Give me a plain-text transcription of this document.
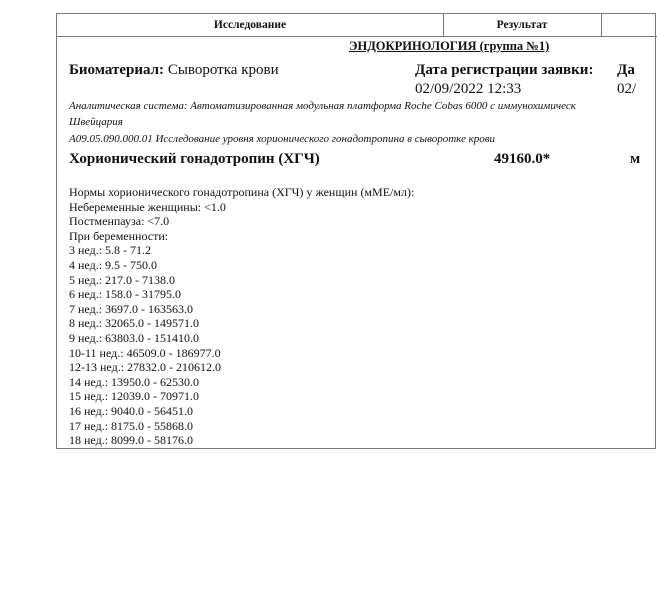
Исследование	Результат
ЭНДОКРИНОЛОГИЯ (группа №1)
Биоматериал: Сыворотка крови	Дата регистрации заявки: Да
02/09/2022 12:33	02/
Аналитическая система: Автоматизированная модульная платформа Roche Cobas 6000 с иммунохимическ
Швейцария
A09.05.090.000.01 Исследование уровня хорионического гонадотропина в сыворотке крови
Хорионический гонадотропин (ХГЧ)	49160.0*	м
Нормы хорионического гонадотропина (ХГЧ) у женщин (мМЕ/мл):
Небеременные женщины: <1.0
Постменпауза: <7.0
При беременности:
3 нед.: 5.8 - 71.2
4 нед.: 9.5 - 750.0
5 нед.: 217.0 - 7138.0
6 нед.: 158.0 - 31795.0
7 нед.: 3697.0 - 163563.0
8 нед.: 32065.0 - 149571.0
9 нед.: 63803.0 - 151410.0
10-11 нед.: 46509.0 - 186977.0
12-13 нед.: 27832.0 - 210612.0
14 нед.: 13950.0 - 62530.0
15 нед.: 12039.0 - 70971.0
16 нед.: 9040.0 - 56451.0
17 нед.: 8175.0 - 55868.0
18 нед.: 8099.0 - 58176.0
